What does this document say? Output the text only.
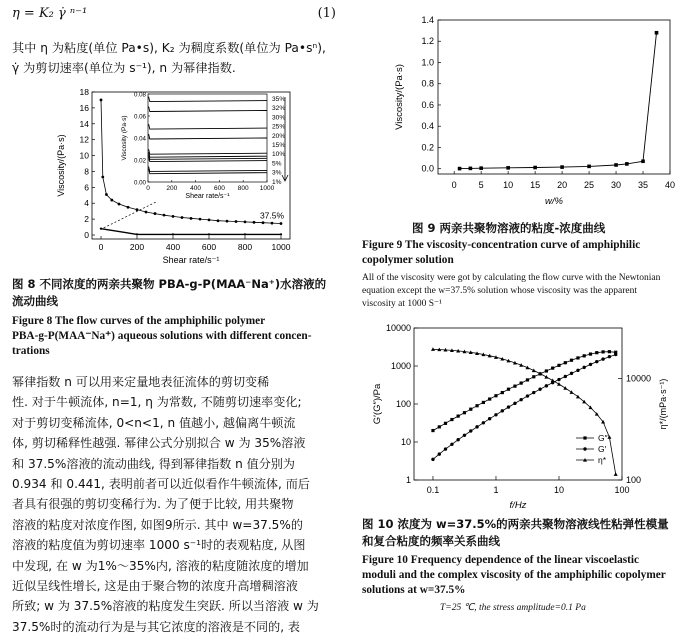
η = K₂ γ̇ ⁿ⁻¹	(1)
其中 η 为粘度(单位 Pa•s), K₂ 为稠度系数(单位为 Pa•sⁿ),
γ̇ 为剪切速率(单位为 s⁻¹), n 为幂律指数.
0	200	400	600	800 1000
0
2
4
6
8
10
12
14
16
18
Shear rate/s⁻¹
Viscosity/(Pa·s)
37.5%
0	200 400 600 800 1000
0.00
0.02
0.04
0.06
0.08
Shear rate/s⁻¹
Viscosity (Pa·s)
35%
32%
30%
25%
20%
15%
10%
5%
3%
1%
图 8 不同浓度的两亲共聚物 PBA-g-P(MAA⁻Na⁺)水溶液的
流动曲线
Figure 8 The flow curves of the amphiphilic polymer
PBA-g-P(MAA⁻Na⁺) aqueous solutions with different concen-
trations
幂律指数 n 可以用来定量地表征流体的剪切变稀
性. 对于牛顿流体, n=1, η 为常数, 不随剪切速率变化;
对于剪切变稀流体, 0<n<1, n 值越小, 越偏离牛顿流
体, 剪切稀释性越强. 幂律公式分别拟合 w 为 35%溶液
和 37.5%溶液的流动曲线, 得到幂律指数 n 值分别为
0.934 和 0.441, 表明前者可以近似看作牛顿流体, 而后
者具有很强的剪切变稀行为. 为了便于比较, 用共聚物
溶液的粘度对浓度作图, 如图9所示. 其中 w=37.5%的
溶液的粘度值为剪切速率 1000 s⁻¹时的表观粘度, 从图
中发现, 在 w 为1%～35%内, 溶液的粘度随浓度的增加
近似呈线性增长, 这是由于聚合物的浓度升高增稠溶液
所致; w 为 37.5%溶液的粘度发生突跃. 所以当溶液 w 为
37.5%时的流动行为是与其它浓度的溶液是不同的, 表
0 5 10 15 20 25 30 35 40
0.0
0.2
0.4
0.6
0.8
1.0
1.2
1.4
w/%
Viscosity/(Pa·s)
图 9 两亲共聚物溶液的粘度-浓度曲线
Figure 9 The viscosity-concentration curve of amphiphilic
copolymer solution
All of the viscosity were got by calculating the flow curve with the Newtonian
equation except the w=37.5% solution whose viscosity was the apparent
viscosity at 1000 S⁻¹
0.1	1	10	100
1
10
100
1000
10000
100
10000
f/Hz
G′(G″)/Pa	η*/(mPa·s⁻¹)
G″
G′
η*
图 10 浓度为 w=37.5%的两亲共聚物溶液线性粘弹性模量
和复合粘度的频率关系曲线
Figure 10 Frequency dependence of the linear viscoelastic
moduli and the complex viscosity of the amphiphilic copolymer
solutions at w=37.5%
T=25 ℃, the stress amplitude=0.1 Pa
